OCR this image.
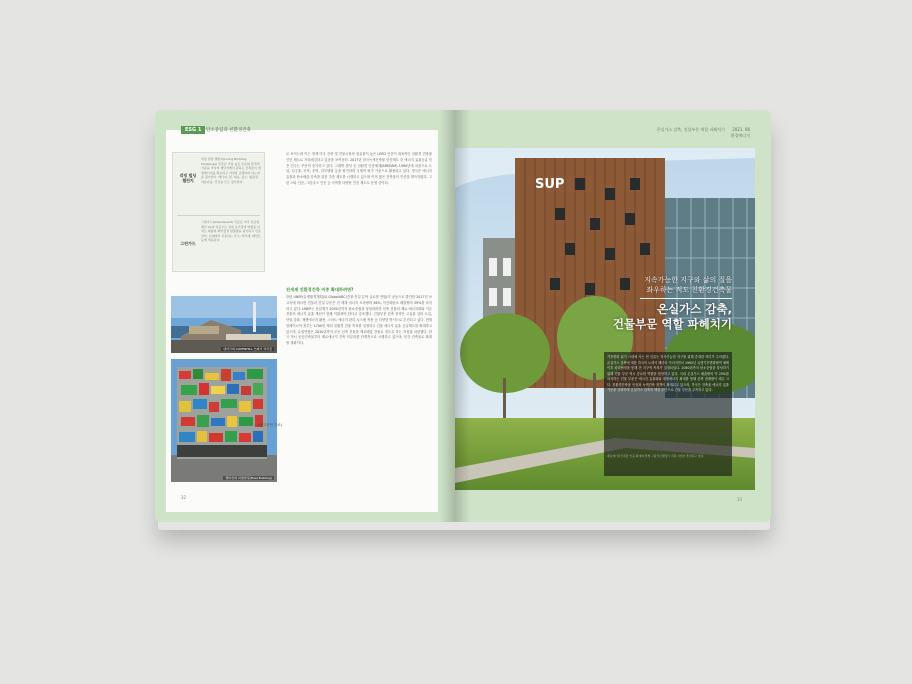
ESG 1	탄소중립과 친환경건축
리빙 빌딩
챌린지
리빙 빌딩 챌린지(Living Building Challenge) 인증은 가장 높은 수준의 환경적 기준을 가지며 재단서에서 원하는 건축물이 재생에너지를 확보하고 자연과 공생하며 하는지를 평가한다. 에너지, 물, 재료, 장소, 형평성, 아름다움, 건강을 모두 평가한다.
그린가드
그린가드(GreenGuard) 인증은 미국 인증업체인 UL의 인증으로 실내 공기질에 영향을 미치는 제품의 화학물질 방출량을 평가하고 인증한다. 실내에서 사용하는 가구, 바닥재, 페인트 등에 적용된다.
로 보이는데 이는 현재 미국 건축 및 건물시장의 점유율이 높은 LEED 인증이 대표적인 친환경 건축물 인증 제도로 자리매김하고 있음을 보여준다. 2017년 한국녹색건축물 인증제도 중 에너지 효율등급 인증 건수는 꾸준히 증가하고 있다. 그레박 빌딩 등 친환경 인증체계(BREEAM) 1990년에 처음으로 도입, 입주율, 신축, 운영, 리모델링 등을 평가하며 국제적 평가 기준으로 활용되고 있다. 영국은 에너지 효율과 탄소배출 감축을 위한 각종 제도를 시행하고 있으며 이미 많은 건축물이 인증을 획득하였다. 그린 스타 인증, 그린마크 인증 등 지역별 다양한 인증 제도도 운영 중이다.
전세계 친환경건축 비중 확대하려면?
한편 UNEP(유엔환경계획)와 GlobalABC(건물·건설 분야 글로벌 연합)가 공동으로 발간한 2017년 보고서에 따르면 건물과 건설 부문은 전 세계 에너지 소비량의 36%, 이산화탄소 배출량의 39%를 차지하고 있다. UNEP는 산업계가 2050년까지 탄소중립을 달성하려면 신축 건물의 제로 에너지화와 기존 건물의 에너지 효율 개선이 함께 이뤄져야 한다고 강조했다. 건물부문 감축 전략은 고효율 설비 도입, 단열 강화, 재생에너지 활용, 스마트 에너지 관리 시스템 적용 등 다양한 방식으로 추진되고 있다. 현재 말레이시아 정부는 1700만 채의 친환경 건물 목표를 설정하고 건물 에너지 효율 등급제도를 확대하고 있으며, 유럽연합은 2030년까지 모든 신축 건물을 제로배출 건물로 짓도록 하는 지침을 마련했다. 한국 역시 공공건축물부터 제로에너지 건축 의무화를 단계적으로 시행하고 있으며, 민간 건축물로 확대할 계획이다.
덴마크의 COPENHILL 쓰레기 처리장
멜버른의 픽셀빌딩(Pixel Building)
(참고문헌 자료)
32
온실가스 감축, 건물부문 역할 파헤치기 2021. 06
환경에너지
SUP
지속가능한 지구와 삶의 질을
좌우하는 적도 친환경건축물
온실가스 감축,
건물부문 역할 파헤치기
기후변화 위기 시대에 사는 현 인류는 지속가능한 지구를 위해 중대한 의미가 주어졌다. 온실가스 감축에 대한 각국의 노력이 해마다 이어지면서 1992년 유엔기후변화협약 채택 이후 파리협정을 통해 전 지구적 목표가 설정되었다. 2050년까지 탄소중립을 달성하기 위해 건물 부문 역시 중요한 역할을 담당하고 있다. 국내 온실가스 배출량의 약 25%를 차지하는 건물 부문은 에너지 효율화와 재생에너지 확대를 통해 감축 잠재량이 매우 크다. 친환경건축물 인증과 녹색건축 정책이 확대되고 있으며, 각국은 건축물 에너지 효율 기준을 강화하며 온실가스 감축의 핵심 수단으로 건물 부문을 주목하고 있다.
제로에너지건축물 인증 확대와 함께 그린리모델링이 지원 사업이 추진되고 있다.
33
